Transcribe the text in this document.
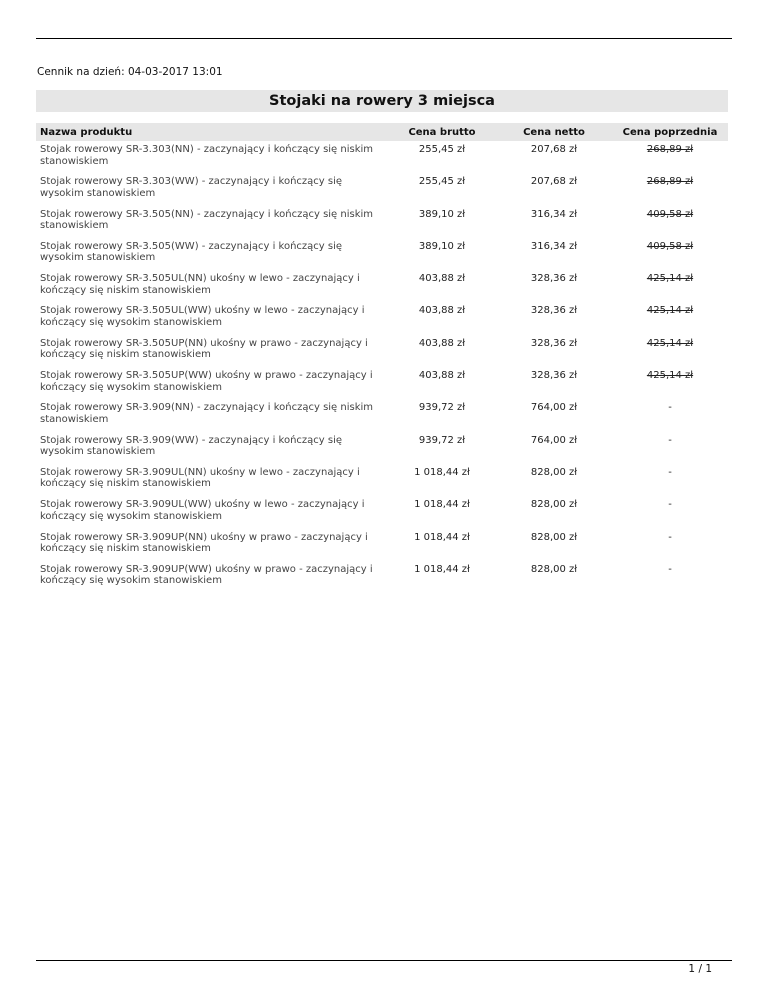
Cennik na dzień: 04-03-2017 13:01
Stojaki na rowery 3 miejsca
Nazwa produktu	Cena brutto	Cena netto	Cena poprzednia
Stojak rowerowy SR-3.303(NN) - zaczynający i kończący się niskim stanowiskiem	255,45 zł	207,68 zł	268,89 zł
Stojak rowerowy SR-3.303(WW) - zaczynający i kończący się wysokim stanowiskiem	255,45 zł	207,68 zł	268,89 zł
Stojak rowerowy SR-3.505(NN) - zaczynający i kończący się niskim stanowiskiem	389,10 zł	316,34 zł	409,58 zł
Stojak rowerowy SR-3.505(WW) - zaczynający i kończący się wysokim stanowiskiem	389,10 zł	316,34 zł	409,58 zł
Stojak rowerowy SR-3.505UL(NN) ukośny w lewo - zaczynający i kończący się niskim stanowiskiem	403,88 zł	328,36 zł	425,14 zł
Stojak rowerowy SR-3.505UL(WW) ukośny w lewo - zaczynający i kończący się wysokim stanowiskiem	403,88 zł	328,36 zł	425,14 zł
Stojak rowerowy SR-3.505UP(NN) ukośny w prawo - zaczynający i kończący się niskim stanowiskiem	403,88 zł	328,36 zł	425,14 zł
Stojak rowerowy SR-3.505UP(WW) ukośny w prawo - zaczynający i kończący się wysokim stanowiskiem	403,88 zł	328,36 zł	425,14 zł
Stojak rowerowy SR-3.909(NN) - zaczynający i kończący się niskim stanowiskiem	939,72 zł	764,00 zł	-
Stojak rowerowy SR-3.909(WW) - zaczynający i kończący się wysokim stanowiskiem	939,72 zł	764,00 zł	-
Stojak rowerowy SR-3.909UL(NN) ukośny w lewo - zaczynający i kończący się niskim stanowiskiem	1 018,44 zł	828,00 zł	-
Stojak rowerowy SR-3.909UL(WW) ukośny w lewo - zaczynający i kończący się wysokim stanowiskiem	1 018,44 zł	828,00 zł	-
Stojak rowerowy SR-3.909UP(NN) ukośny w prawo - zaczynający i kończący się niskim stanowiskiem	1 018,44 zł	828,00 zł	-
Stojak rowerowy SR-3.909UP(WW) ukośny w prawo - zaczynający i kończący się wysokim stanowiskiem	1 018,44 zł	828,00 zł	-
1 / 1
